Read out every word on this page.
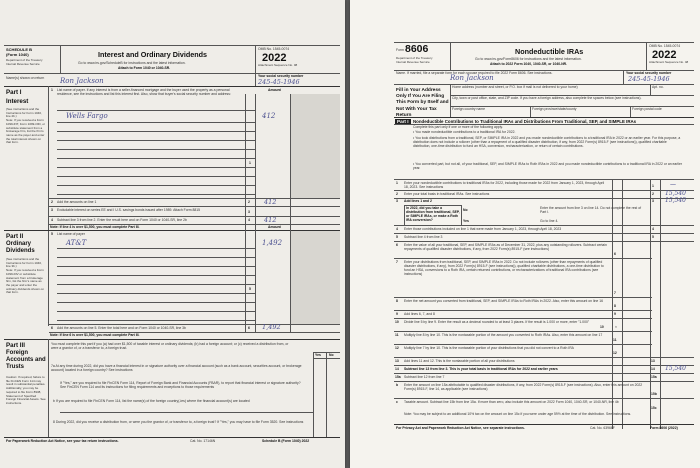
SCHEDULE B
(Form 1040)
Department of the Treasury
Internal Revenue Service
Interest and Ordinary Dividends
Go to www.irs.gov/ScheduleB for instructions and the latest information.
Attach to Form 1040 or 1040-SR.
OMB No. 1545-0074
2022
Attachment Sequence No. 08
Name(s) shown on return Ron Jackson
Your social security number
245-45-1946
Amount
Part I
Interest
(See instructions and the Instructions for Form 1040, line 2b.)
Note: If you received a Form 1099-INT, Form 1099-OID, or substitute statement from a brokerage firm, list the firm's name as the payer and enter the total interest shown on that form.
1 List name of payer. If any interest is from a seller-financed mortgage and the buyer used the property as a personal residence, see the instructions and list this interest first. Also, show that buyer's social security number and address:
Wells Fargo	412
1
2 Add the amounts on line 1	2 412
3 Excludable interest on series EE and I U.S. savings bonds issued after 1989. Attach Form 8815	3
4 Subtract line 3 from line 2. Enter the result here and on Form 1040 or 1040-SR, line 2b	4 412
Note: If line 4 is over $1,500, you must complete Part III.	Amount
Part II
Ordinary Dividends
(See instructions and the Instructions for Form 1040, line 3b.)
Note: If you received a Form 1099-DIV or substitute statement from a brokerage firm, list the firm's name as the payer and enter the ordinary dividends shown on that form.
5 List name of payer
AT&T	1,492
5
6 Add the amounts on line 5. Enter the total here and on Form 1040 or 1040-SR, line 3b	6 1,492
Note: If line 6 is over $1,500, you must complete Part III.
Part III
Foreign Accounts and Trusts
Caution: If required, failure to file FinCEN Form 114 may result in substantial penalties. Additionally, you may be required to file Form 8938, Statement of Specified Foreign Financial Assets. See instructions.
You must complete this part if you (a) had over $1,500 of taxable interest or ordinary dividends; (b) had a foreign account; or (c) received a distribution from, or were a grantor of, or a transferor to, a foreign trust.
Yes No
7a At any time during 2022, did you have a financial interest in or signature authority over a financial account (such as a bank account, securities account, or brokerage account) located in a foreign country? See instructions
If "Yes," are you required to file FinCEN Form 114, Report of Foreign Bank and Financial Accounts (FBAR), to report that financial interest or signature authority? See FinCEN Form 114 and its instructions for filing requirements and exceptions to those requirements
b If you are required to file FinCEN Form 114, list the name(s) of the foreign country(-ies) where the financial account(s) are located
8 During 2022, did you receive a distribution from, or were you the grantor of, or transferor to, a foreign trust? If "Yes," you may have to file Form 3520. See instructions
For Paperwork Reduction Act Notice, see your tax return instructions.	Cat. No. 17146N	Schedule B (Form 1040) 2022
Form 8606
Department of the Treasury
Internal Revenue Service
Nondeductible IRAs
Go to www.irs.gov/Form8606 for instructions and the latest information.
Attach to 2022 Form 1040, 1040-SR, or 1040-NR.
OMB No. 1545-0074
2022
Attachment Sequence No. 48
Name. If married, file a separate form for each spouse required to file 2022 Form 8606. See instructions.
Ron Jackson
Your social security number
245-45-1946
Fill in Your Address Only If You Are Filing This Form by Itself and Not With Your Tax Return
Home address (number and street, or P.O. box if mail is not delivered to your home)	Apt. no.
City, town or post office, state, and ZIP code. If you have a foreign address, also complete the spaces below (see instructions).
Foreign country name	Foreign province/state/county	Foreign postal code
Part I	Nondeductible Contributions to Traditional IRAs and Distributions From Traditional, SEP, and SIMPLE IRAs
Complete this part only if one or more of the following apply.
• You made nondeductible contributions to a traditional IRA for 2022.
• You took distributions from a traditional, SEP, or SIMPLE IRA in 2022 and you made nondeductible contributions to a traditional IRA in 2022 or an earlier year. For this purpose, a distribution does not include a rollover (other than a repayment of a qualified disaster distribution, if any, from 2022 Form(s) 8915-F (see instructions)), qualified charitable distribution, one-time distribution to fund an HSA, conversion, recharacterization, or return of certain contributions.
• You converted part, but not all, of your traditional, SEP, and SIMPLE IRAs to Roth IRAs in 2022 and you made nondeductible contributions to a traditional IRA in 2022 or an earlier year.
1 Enter your nondeductible contributions to traditional IRAs for 2022, including those made for 2022 from January 1, 2023, through April 18, 2023. See instructions	1	—
2 Enter your total basis in traditional IRAs. See instructions	2 15,540
3 Add lines 1 and 2	3 15,540
In 2022, did you take a distribution from traditional, SEP, or SIMPLE IRAs, or make a Roth IRA conversion?
No
Yes
Enter the amount from line 3 on line 14. Do not complete the rest of Part I.
Go to line 4.
4 Enter those contributions included on line 1 that were made from January 1, 2023, through April 18, 2023	4
5 Subtract line 4 from line 3	5
6 Enter the value of all your traditional, SEP, and SIMPLE IRAs as of December 31, 2022, plus any outstanding rollovers. Subtract certain repayments of qualified disaster distributions, if any, from 2022 Form(s) 8915-F (see instructions)
6
7 Enter your distributions from traditional, SEP, and SIMPLE IRAs in 2022. Do not include rollovers (other than repayments of qualified disaster distributions, if any), from 2022 Form(s) 8915-F (see instructions)), qualified charitable distributions, a one-time distribution to fund an HSA, conversions to a Roth IRA, certain returned contributions, or recharacterizations of traditional IRA contributions (see instructions)
7
8 Enter the net amount you converted from traditional, SEP, and SIMPLE IRAs to Roth IRAs in 2022. Also, enter this amount on line 16
8
9 Add lines 6, 7, and 8	9
10 Divide line 5 by line 9. Enter the result as a decimal rounded to at least 3 places. If the result is 1.000 or more, enter "1.000"
10	×
11 Multiply line 8 by line 10. This is the nontaxable portion of the amount you converted to Roth IRAs. Also, enter this amount on line 17
11
12 Multiply line 7 by line 10. This is the nontaxable portion of your distributions that you did not convert to a Roth IRA
12
13 Add lines 11 and 12. This is the nontaxable portion of all your distributions	13
14 Subtract line 13 from line 3. This is your total basis in traditional IRAs for 2022 and earlier years	14 15,540
15a Subtract line 12 from line 7	15a
b Enter the amount on line 15a attributable to qualified disaster distributions, if any, from 2022 Form(s) 8915-F (see instructions). Also, enter this amount on 2022 Form(s) 8915-F, line 14, as applicable (see instructions)
15b
c Taxable amount. Subtract line 15b from line 15a. If more than zero, also include this amount on 2022 Form 1040, 1040-SR, or 1040-NR, line 4b
Note: You may be subject to an additional 10% tax on the amount on line 15c if you were under age 59½ at the time of the distribution. See instructions.
15c
For Privacy Act and Paperwork Reduction Act Notice, see separate instructions.	Cat. No. 63966F	Form 8606 (2022)
